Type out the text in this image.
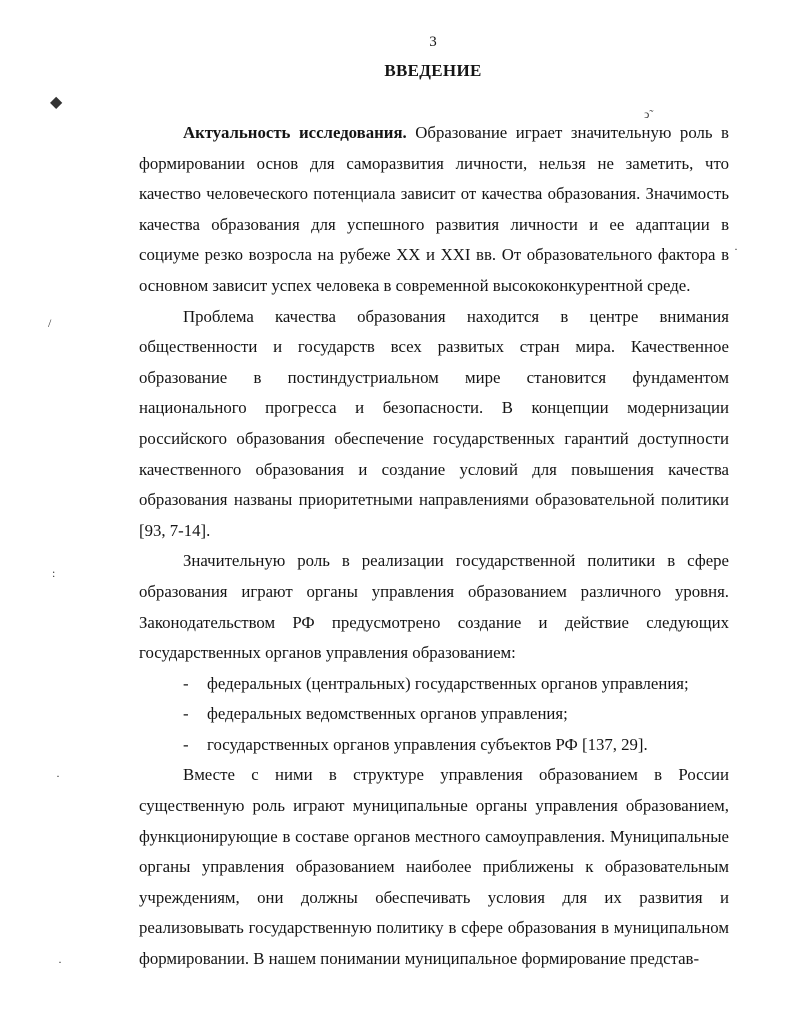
3
ВВЕДЕНИЕ
◆
ↄ˜
·
/
:
·
·

Актуальность исследования. Образование играет значительную роль в формировании основ для саморазвития личности, нельзя не заметить, что качество человеческого потенциала зависит от качества образования. Значимость качества образования для успешного развития личности и ее адаптации в социуме резко возросла на рубеже XX и XXI вв. От образовательного фактора в основном зависит успех человека в современной высококонкурентной среде.

Проблема качества образования находится в центре внимания общественности и государств всех развитых стран мира. Качественное образование в постиндустриальном мире становится фундаментом национального прогресса и безопасности. В концепции модернизации российского образования обеспечение государственных гарантий доступности качественного образования и создание условий для повышения качества образования названы приоритетными направлениями образовательной политики [93, 7-14].

Значительную роль в реализации государственной политики в сфере образования играют органы управления образованием различного уровня. Законодательством РФ предусмотрено создание и действие следующих государственных органов управления образованием:

- федеральных (центральных) государственных органов управления;
- федеральных ведомственных органов управления;
- государственных органов управления субъектов РФ [137, 29].

Вместе с ними в структуре управления образованием в России существенную роль играют муниципальные органы управления образованием, функционирующие в составе органов местного самоуправления. Муниципальные органы управления образованием наиболее приближены к образовательным учреждениям, они должны обеспечивать условия для их развития и реализовывать государственную политику в сфере образования в муниципальном формировании. В нашем понимании муниципальное формирование представ-
